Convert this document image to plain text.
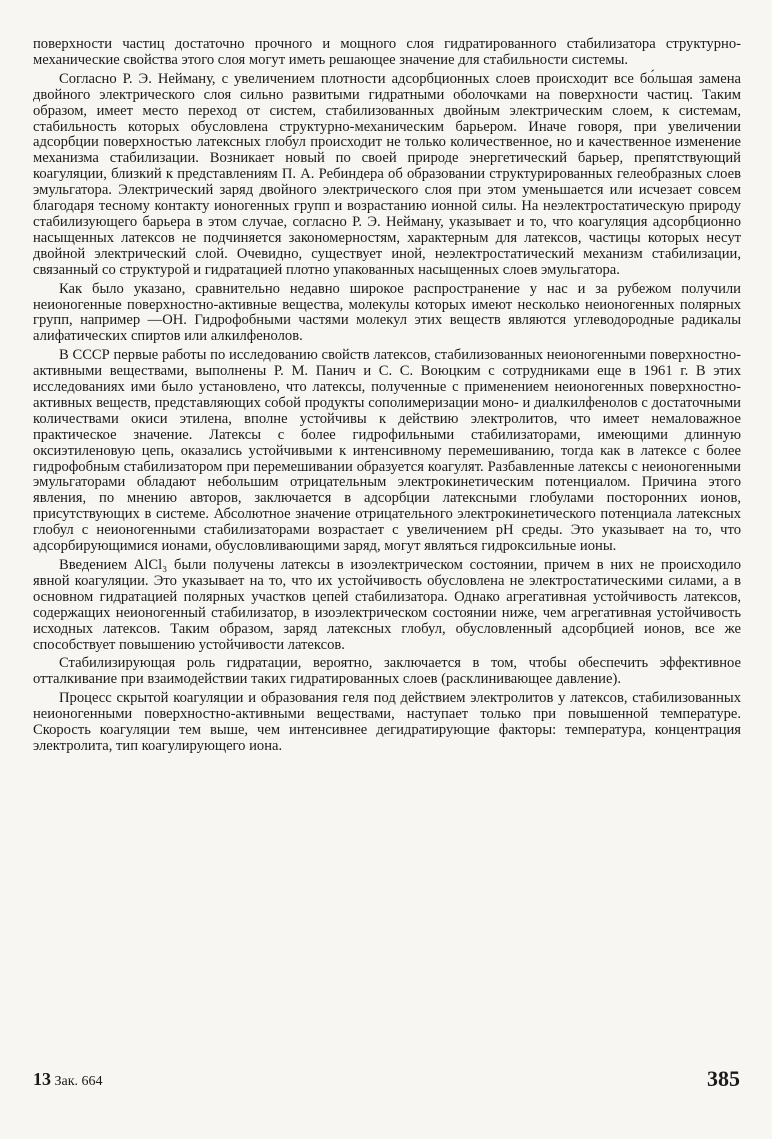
поверхности частиц достаточно прочного и мощного слоя гидратированного стабилизатора структурно-механические свойства этого слоя могут иметь решающее значение для стабильности системы.

Согласно Р. Э. Нейману, с увеличением плотности адсорбционных слоев происходит все бо́льшая замена двойного электрического слоя сильно развитыми гидратными оболочками на поверхности частиц. Таким образом, имеет место переход от систем, стабилизованных двойным электрическим слоем, к системам, стабильность которых обусловлена структурно-механическим барьером. Иначе говоря, при увеличении адсорбции поверхностью латексных глобул происходит не только количественное, но и качественное изменение механизма стабилизации. Возникает новый по своей природе энергетический барьер, препятствующий коагуляции, близкий к представлениям П. А. Ребиндера об образовании структурированных гелеобразных слоев эмульгатора. Электрический заряд двойного электрического слоя при этом уменьшается или исчезает совсем благодаря тесному контакту ионогенных групп и возрастанию ионной силы. На неэлектростатическую природу стабилизующего барьера в этом случае, согласно Р. Э. Нейману, указывает и то, что коагуляция адсорбционно насыщенных латексов не подчиняется закономерностям, характерным для латексов, частицы которых несут двойной электрический слой. Очевидно, существует иной, неэлектростатический механизм стабилизации, связанный со структурой и гидратацией плотно упакованных насыщенных слоев эмульгатора.

Как было указано, сравнительно недавно широкое распространение у нас и за рубежом получили неионогенные поверхностно-активные вещества, молекулы которых имеют несколько неионогенных полярных групп, например —OH. Гидрофобными частями молекул этих веществ являются углеводородные радикалы алифатических спиртов или алкилфенолов.

В СССР первые работы по исследованию свойств латексов, стабилизованных неионогенными поверхностно-активными веществами, выполнены Р. М. Панич и С. С. Воюцким с сотрудниками еще в 1961 г. В этих исследованиях ими было установлено, что латексы, полученные с применением неионогенных поверхностно-активных веществ, представляющих собой продукты сополимеризации моно- и диалкилфенолов с достаточными количествами окиси этилена, вполне устойчивы к действию электролитов, что имеет немаловажное практическое значение. Латексы с более гидрофильными стабилизаторами, имеющими длинную оксиэтиленовую цепь, оказались устойчивыми к интенсивному перемешиванию, тогда как в латексе с более гидрофобным стабилизатором при перемешивании образуется коагулят. Разбавленные латексы с неионогенными эмульгаторами обладают небольшим отрицательным электрокинетическим потенциалом. Причина этого явления, по мнению авторов, заключается в адсорбции латексными глобулами посторонних ионов, присутствующих в системе. Абсолютное значение отрицательного электрокинетического потенциала латексных глобул с неионогенными стабилизаторами возрастает с увеличением pH среды. Это указывает на то, что адсорбирующимися ионами, обусловливающими заряд, могут являться гидроксильные ионы.

Введением AlCl₃ были получены латексы в изоэлектрическом состоянии, причем в них не происходило явной коагуляции. Это указывает на то, что их устойчивость обусловлена не электростатическими силами, а в основном гидратацией полярных участков цепей стабилизатора. Однако агрегативная устойчивость латексов, содержащих неионогенный стабилизатор, в изоэлектрическом состоянии ниже, чем агрегативная устойчивость исходных латексов. Таким образом, заряд латексных глобул, обусловленный адсорбцией ионов, все же способствует повышению устойчивости латексов.

Стабилизирующая роль гидратации, вероятно, заключается в том, чтобы обеспечить эффективное отталкивание при взаимодействии таких гидратированных слоев (расклинивающее давление).

Процесс скрытой коагуляции и образования геля под действием электролитов у латексов, стабилизованных неионогенными поверхностно-активными веществами, наступает только при повышенной температуре. Скорость коагуляции тем выше, чем интенсивнее дегидратирующие факторы: температура, концентрация электролита, тип коагулирующего иона.

13 Зак. 664	385
